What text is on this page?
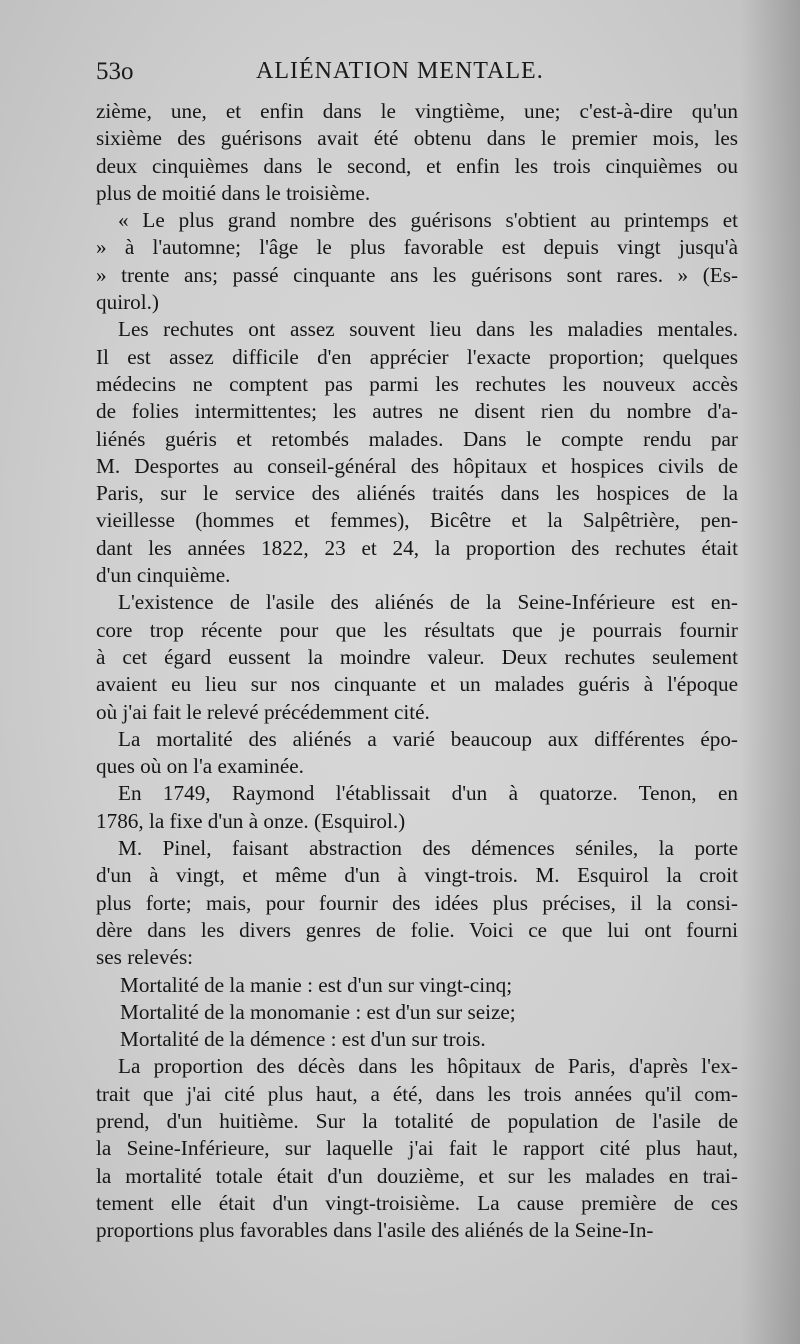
53o	ALIÉNATION MENTALE.
zième, une, et enfin dans le vingtième, une; c'est-à-dire qu'un
sixième des guérisons avait été obtenu dans le premier mois, les
deux cinquièmes dans le second, et enfin les trois cinquièmes ou
plus de moitié dans le troisième.
« Le plus grand nombre des guérisons s'obtient au printemps et
» à l'automne; l'âge le plus favorable est depuis vingt jusqu'à
» trente ans; passé cinquante ans les guérisons sont rares. » (Es-
quirol.)
Les rechutes ont assez souvent lieu dans les maladies mentales.
Il est assez difficile d'en apprécier l'exacte proportion; quelques
médecins ne comptent pas parmi les rechutes les nouveux accès
de folies intermittentes; les autres ne disent rien du nombre d'a-
liénés guéris et retombés malades. Dans le compte rendu par
M. Desportes au conseil-général des hôpitaux et hospices civils de
Paris, sur le service des aliénés traités dans les hospices de la
vieillesse (hommes et femmes), Bicêtre et la Salpêtrière, pen-
dant les années 1822, 23 et 24, la proportion des rechutes était
d'un cinquième.
L'existence de l'asile des aliénés de la Seine-Inférieure est en-
core trop récente pour que les résultats que je pourrais fournir
à cet égard eussent la moindre valeur. Deux rechutes seulement
avaient eu lieu sur nos cinquante et un malades guéris à l'époque
où j'ai fait le relevé précédemment cité.
La mortalité des aliénés a varié beaucoup aux différentes épo-
ques où on l'a examinée.
En 1749, Raymond l'établissait d'un à quatorze. Tenon, en
1786, la fixe d'un à onze. (Esquirol.)
M. Pinel, faisant abstraction des démences séniles, la porte
d'un à vingt, et même d'un à vingt-trois. M. Esquirol la croit
plus forte; mais, pour fournir des idées plus précises, il la consi-
dère dans les divers genres de folie. Voici ce que lui ont fourni
ses relevés:
Mortalité de la manie : est d'un sur vingt-cinq;
Mortalité de la monomanie : est d'un sur seize;
Mortalité de la démence : est d'un sur trois.
La proportion des décès dans les hôpitaux de Paris, d'après l'ex-
trait que j'ai cité plus haut, a été, dans les trois années qu'il com-
prend, d'un huitième. Sur la totalité de population de l'asile de
la Seine-Inférieure, sur laquelle j'ai fait le rapport cité plus haut,
la mortalité totale était d'un douzième, et sur les malades en trai-
tement elle était d'un vingt-troisième. La cause première de ces
proportions plus favorables dans l'asile des aliénés de la Seine-In-
